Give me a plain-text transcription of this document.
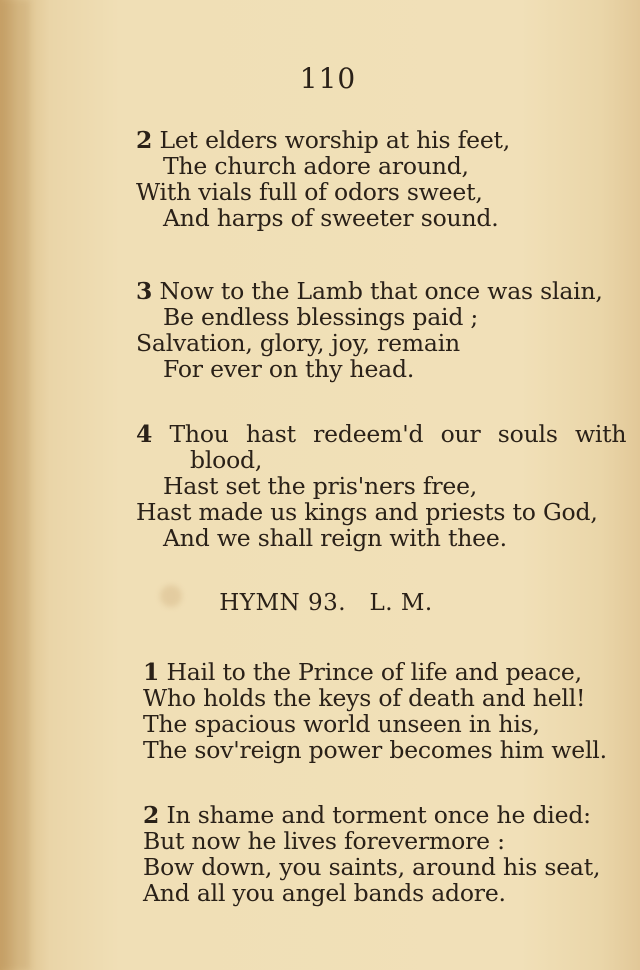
110
2 Let elders worship at his feet,
The church adore around,
With vials full of odors sweet,
And harps of sweeter sound.
3 Now to the Lamb that once was slain,
Be endless blessings paid ;
Salvation, glory, joy, remain
For ever on thy head.
4 Thou hast redeem'd our souls with
blood,
Hast set the pris'ners free,
Hast made us kings and priests to God,
And we shall reign with thee.
HYMN 93. L. M.
1 Hail to the Prince of life and peace,
Who holds the keys of death and hell!
The spacious world unseen in his,
The sov'reign power becomes him well.
2 In shame and torment once he died:
But now he lives forevermore :
Bow down, you saints, around his seat,
And all you angel bands adore.
